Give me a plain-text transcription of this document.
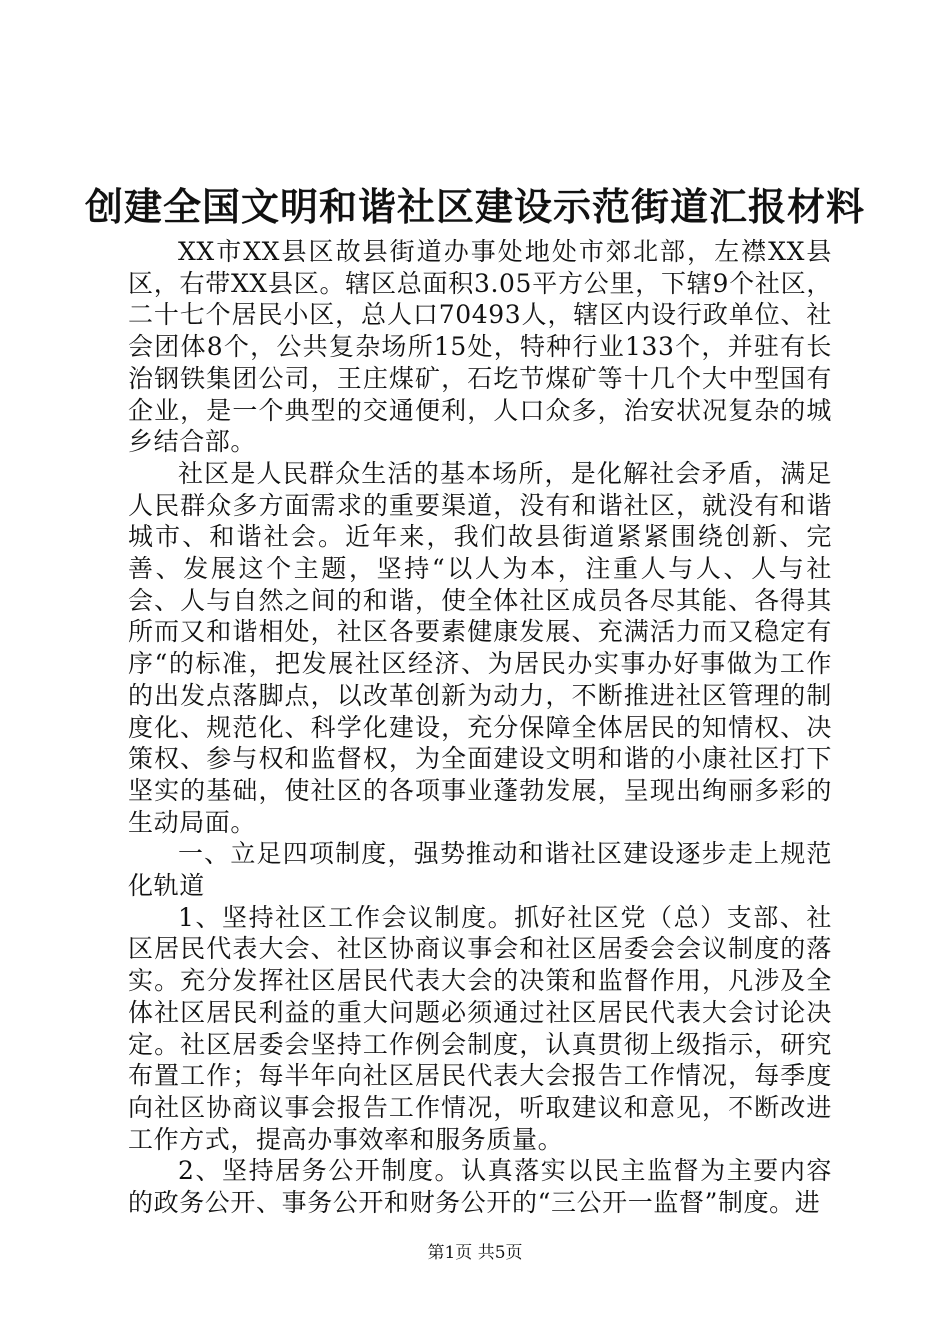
创建全国文明和谐社区建设示范街道汇报材料

XX市XX县区故县街道办事处地处市郊北部，左襟XX县区，右带XX县区。辖区总面积3.05平方公里，下辖9个社区，二十七个居民小区，总人口70493人，辖区内设行政单位、社会团体8个，公共复杂场所15处，特种行业133个，并驻有长治钢铁集团公司，王庄煤矿，石圪节煤矿等十几个大中型国有企业，是一个典型的交通便利，人口众多，治安状况复杂的城乡结合部。

社区是人民群众生活的基本场所，是化解社会矛盾，满足人民群众多方面需求的重要渠道，没有和谐社区，就没有和谐城市、和谐社会。近年来，我们故县街道紧紧围绕创新、完善、发展这个主题，坚持“以人为本，注重人与人、人与社会、人与自然之间的和谐，使全体社区成员各尽其能、各得其所而又和谐相处，社区各要素健康发展、充满活力而又稳定有序“的标准，把发展社区经济、为居民办实事办好事做为工作的出发点落脚点，以改革创新为动力，不断推进社区管理的制度化、规范化、科学化建设，充分保障全体居民的知情权、决策权、参与权和监督权，为全面建设文明和谐的小康社区打下坚实的基础，使社区的各项事业蓬勃发展，呈现出绚丽多彩的生动局面。

一、立足四项制度，强势推动和谐社区建设逐步走上规范化轨道

1、坚持社区工作会议制度。抓好社区党（总）支部、社区居民代表大会、社区协商议事会和社区居委会会议制度的落实。充分发挥社区居民代表大会的决策和监督作用，凡涉及全体社区居民利益的重大问题必须通过社区居民代表大会讨论决定。社区居委会坚持工作例会制度，认真贯彻上级指示，研究布置工作；每半年向社区居民代表大会报告工作情况，每季度向社区协商议事会报告工作情况，听取建议和意见，不断改进工作方式，提高办事效率和服务质量。

2、坚持居务公开制度。认真落实以民主监督为主要内容的政务公开、事务公开和财务公开的“三公开一监督”制度。进

第1页 共5页
